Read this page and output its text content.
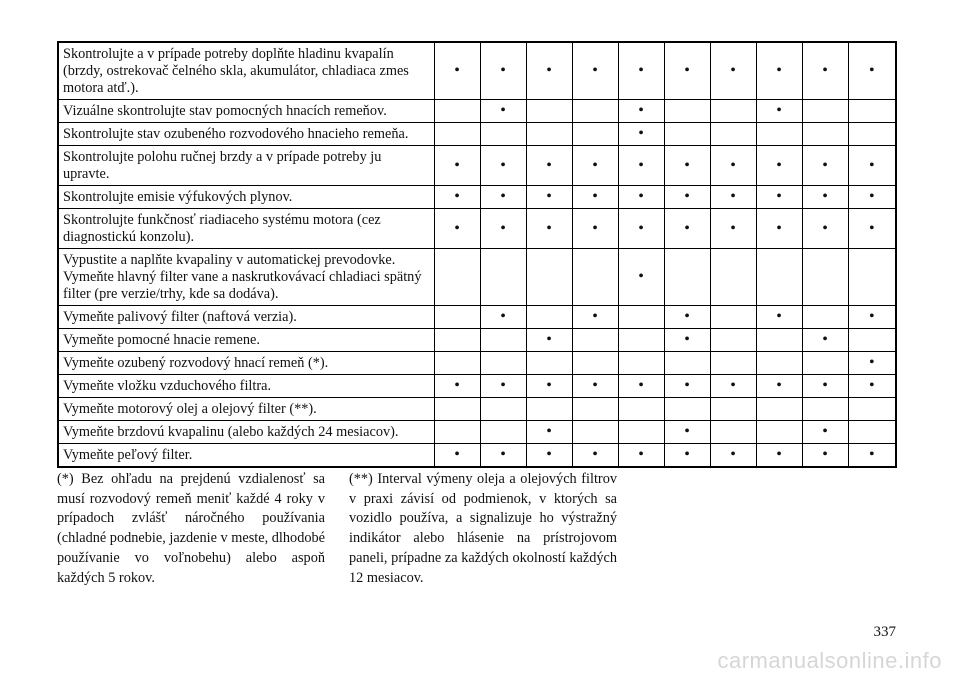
Skontrolujte a v prípade potreby doplňte hladinu kvapalín (brzdy, ostrekovač čelného skla, akumulátor, chladiaca zmes motora atď.).	•	•	•	•	•	•	•	•	•	•
Vizuálne skontrolujte stav pomocných hnacích remeňov.		•			•			•		
Skontrolujte stav ozubeného rozvodového hnacieho remeňa.					•					
Skontrolujte polohu ručnej brzdy a v prípade potreby ju upravte.	•	•	•	•	•	•	•	•	•	•
Skontrolujte emisie výfukových plynov.	•	•	•	•	•	•	•	•	•	•
Skontrolujte funkčnosť riadiaceho systému motora (cez diagnostickú konzolu).	•	•	•	•	•	•	•	•	•	•
Vypustite a naplňte kvapaliny v automatickej prevodovke. Vymeňte hlavný filter vane a naskrutkovávací chladiaci spätný filter (pre verzie/trhy, kde sa dodáva).					•					
Vymeňte palivový filter (naftová verzia).		•		•		•		•		•
Vymeňte pomocné hnacie remene.			•			•			•	
Vymeňte ozubený rozvodový hnací remeň (*).										•
Vymeňte vložku vzduchového filtra.	•	•	•	•	•	•	•	•	•	•
Vymeňte motorový olej a olejový filter (**).										
Vymeňte brzdovú kvapalinu (alebo každých 24 mesiacov).			•			•			•	
Vymeňte peľový filter.	•	•	•	•	•	•	•	•	•	•
(*) Bez ohľadu na prejdenú vzdialenosť sa musí rozvodový remeň meniť každé 4 roky v prípadoch zvlášť náročného používania (chladné podnebie, jazdenie v meste, dlhodobé používanie vo voľnobehu) alebo aspoň každých 5 rokov.
(**) Interval výmeny oleja a olejových filtrov v praxi závisí od podmienok, v ktorých sa vozidlo používa, a signalizuje ho výstražný indikátor alebo hlásenie na prístrojovom paneli, prípadne za každých okolností každých 12 mesiacov.
337
carmanualsonline.info
